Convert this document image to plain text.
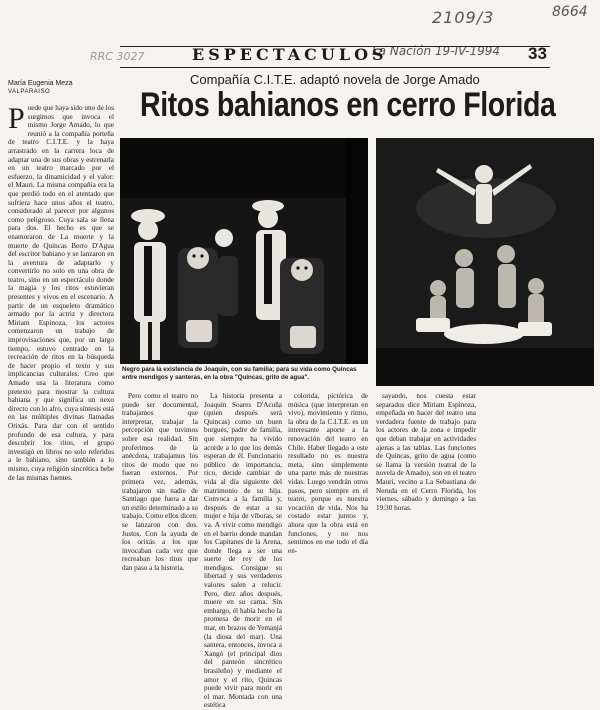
8664
2109/3
La Nación 19-IV-1994
RRC 3027	ESPECTACULOS	33
Compañía C.I.T.E. adaptó novela de Jorge Amado
Ritos bahianos en cerro Florida
María Eugenia Meza
VALPARAISO
P uede que haya sido uno de los surgimos que invoca el mismo Jorge Amado, lo que reunió a la compañía porteña de teatro C.I.T.E. y la haya arrastrado en la carrera loca de adaptar una de sus obras y estrenarla en un teatro marcado por el esfuerzo, la dinamicidad y el valor: el Mauri. La misma compañía era la que perdió todo en el atentado que sufriera hace unos años el teatro, considerado al parecer por algunos como peligroso. Cuya sala se llena para dos. El hecho es que se enamoraron de La muerte y la muerte de Quincas Berro D'Agua del escritor bahiano y se lanzaron en la aventura de adaptarlo y convertirlo no solo en una obra de teatro, sino en un espectáculo donde la magia y los ritos estuvieran presentes y vivos en el escenario. A partir de un esqueleto dramático armado por la actriz y directora Miriam Espinoza, los actores comenzaron un trabajo de improvisaciones que, por un largo tiempo, estuvo centrado en la recreación de ritos en la búsqueda de hacer propio el texto y sus implicancias culturales. Creo que Amado usa la literatura como pretexto para mostrar la cultura bahiana y que significa un nexo directo con lo afro, cuya síntesis está en las múltiples divinas llamadas Orixás. Para dar con el sentido profundo de esa cultura, y para descubrir los ritos, el grupo investigó en libros no solo referidos a le bahiano, sino también a lo mismo, cuya religión sincrética bebe de las mismas fuentes.
Negro para la existencia de Joaquín, con su familia; para su vida como Quincas entre mendigos y santeras, en la obra "Quincas, grito de agua".

Pero como el teatro no puede ser documental, trabajamos que interpretar, trabajar la percepción que tuvimos sobre esa realidad. Sin proferimos de la anécdota, trabajamos los ritos de modo que no fueran externos. Por primera vez, además, trabajaron sin nadie de Santiago que fuera a dar un estilo determinado a su trabajo. Como ellos dicen: se lanzaron con dos. Justos. Con la ayuda de los orixás a los que invocaban cada vez que recreaban los ritos que dan paso a la historia.

La historia presenta a Joaquín Soares D'Acuña (quien después será Quincas) como un buen burgués, padre de familia, que siempre ha vivido acorde a lo que los demás esperan de él. Funcionario público de importancia, rico, decide cambiar de vida al día siguiente del matrimonio de su hija. Convoca a la familia y, después de estar a su mujer e hija de víboras, se va. A vivir como mendigo en el barrio donde mandan los Capitanes de la Arena, donde llega a ser una suerte de rey de los mendigos. Consigue su libertad y sus verdaderos valores salen a relucir. Pero, diez años después, muere en su cama. Sin embargo, él había hecho la promesa de morir en el mar, en brazos de Yemanjá (la diosa del mar). Una santera, entonces, invoca a Xangó (el principal dios del panteón sincrético brasileño) y mediante el amor y el rito, Quincas puede vivir para morir en el mar. Montada con una estética

colorida, pictórica de música (que interpretan en vivo), movimiento y ritmo, la obra de la C.I.T.E. es un interesante aporte a la renovación del teatro en Chile. Haber llegado a este resultado no es nuestra meta, sino simplemente una parte más de nuestras vidas. Luego vendrán otros pasos, pero siempre en el teatro, porque es nuestra vocación de vida. Nos ha costado estar juntos y, ahora que la obra está en funciones, y no nos sentimos en ese todo el día en-

sayando, nos cuesta estar separados dice Miriam Espinoza, empeñada en hacer del teatro una verdadera fuente de trabajo para los actores de la zona e impedir que deban trabajar en actividades ajenas a las tablas. Las funciones de Quincas, grito de agua (como se llama la versión teatral de la novela de Amado), son en el teatro Mauri, vecino a La Sebastiana de Neruda en el Cerro Florida, los viernes, sábado y domingo a las 19:30 horas.
